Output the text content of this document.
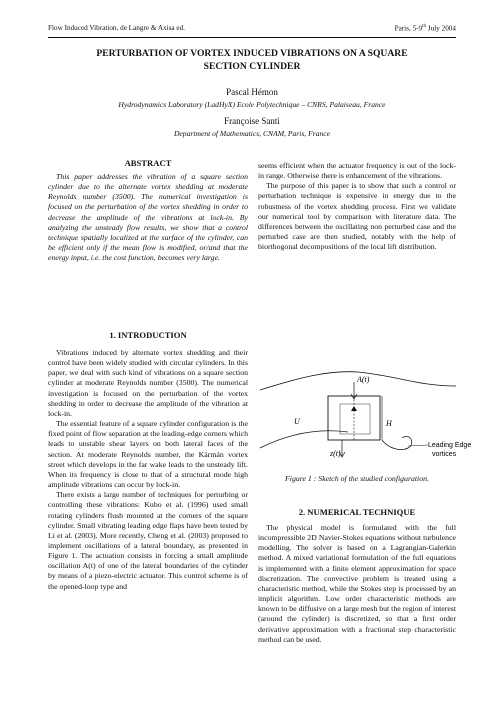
Flow Induced Vibration, de Langre & Axisa ed.	Paris, 5-9th July 2004
PERTURBATION OF VORTEX INDUCED VIBRATIONS ON A SQUARE
SECTION CYLINDER
Pascal Hémon
Hydrodynamics Laboratory (LadHyX) Ecole Polytechnique – CNRS, Palaiseau, France
Françoise Santi
Department of Mathematics, CNAM, Paris, France
ABSTRACT

This paper addresses the vibration of a square section cylinder due to the alternate vortex shedding at moderate Reynolds number (3500). The numerical investigation is focused on the perturbation of the vortex shedding in order to decrease the amplitude of the vibrations at lock-in. By analyzing the unsteady flow results, we show that a control technique spatially localized at the surface of the cylinder, can be efficient only if the mean flow is modified, or/and that the energy input, i.e. the cost function, becomes very large.

1. INTRODUCTION

Vibrations induced by alternate vortex shedding and their control have been widely studied with circular cylinders. In this paper, we deal with such kind of vibrations on a square section cylinder at moderate Reynolds number (3500). The numerical investigation is focused on the perturbation of the vortex shedding in order to decrease the amplitude of the vibration at lock-in.

The essential feature of a square cylinder configuration is the fixed point of flow separation at the leading-edge corners which leads to unstable shear layers on both lateral faces of the section. At moderate Reynolds number, the Kármán vortex street which develops in the far wake leads to the unsteady lift. When its frequency is close to that of a structural mode high amplitude vibrations can occur by lock-in.

There exists a large number of techniques for perturbing or controlling these vibrations: Kubo et al. (1996) used small rotating cylinders flush mounted at the corners of the square cylinder. Small vibrating leading edge flaps have been tested by Li et al. (2003). More recently, Cheng et al. (2003) proposed to implement oscillations of a lateral boundary, as presented in Figure 1. The actuation consists in forcing a small amplitude oscillation A(t) of one of the lateral boundaries of the cylinder by means of a piezo-electric actuator. This control scheme is of the opened-loop type and

seems efficient when the actuator frequency is out of the lock-in range. Otherwise there is enhancement of the vibrations.

The purpose of this paper is to show that such a control or perturbation technique is expensive in energy due to the robustness of the vortex shedding process. First we validate our numerical tool by comparison with literature data. The differences between the oscillating non perturbed case and the perturbed case are then studied, notably with the help of biorthogonal decompositions of the local lift distribution.

A(t)
H
U
z(t)
Leading Edge
vortices
Figure 1 : Sketch of the studied configuration.
2. NUMERICAL TECHNIQUE

The physical model is formulated with the full incompressible 2D Navier-Stokes equations without turbulence modelling. The solver is based on a Lagrangian-Galerkin method. A mixed variational formulation of the full equations is implemented with a finite element approximation for space discretization. The convective problem is treated using a characteristic method, while the Stokes step is processed by an implicit algorithm. Low order characteristic methods are known to be diffusive on a large mesh but the region of interest (around the cylinder) is discretized, so that a first order derivative approximation with a fractional step characteristic method can be used.
